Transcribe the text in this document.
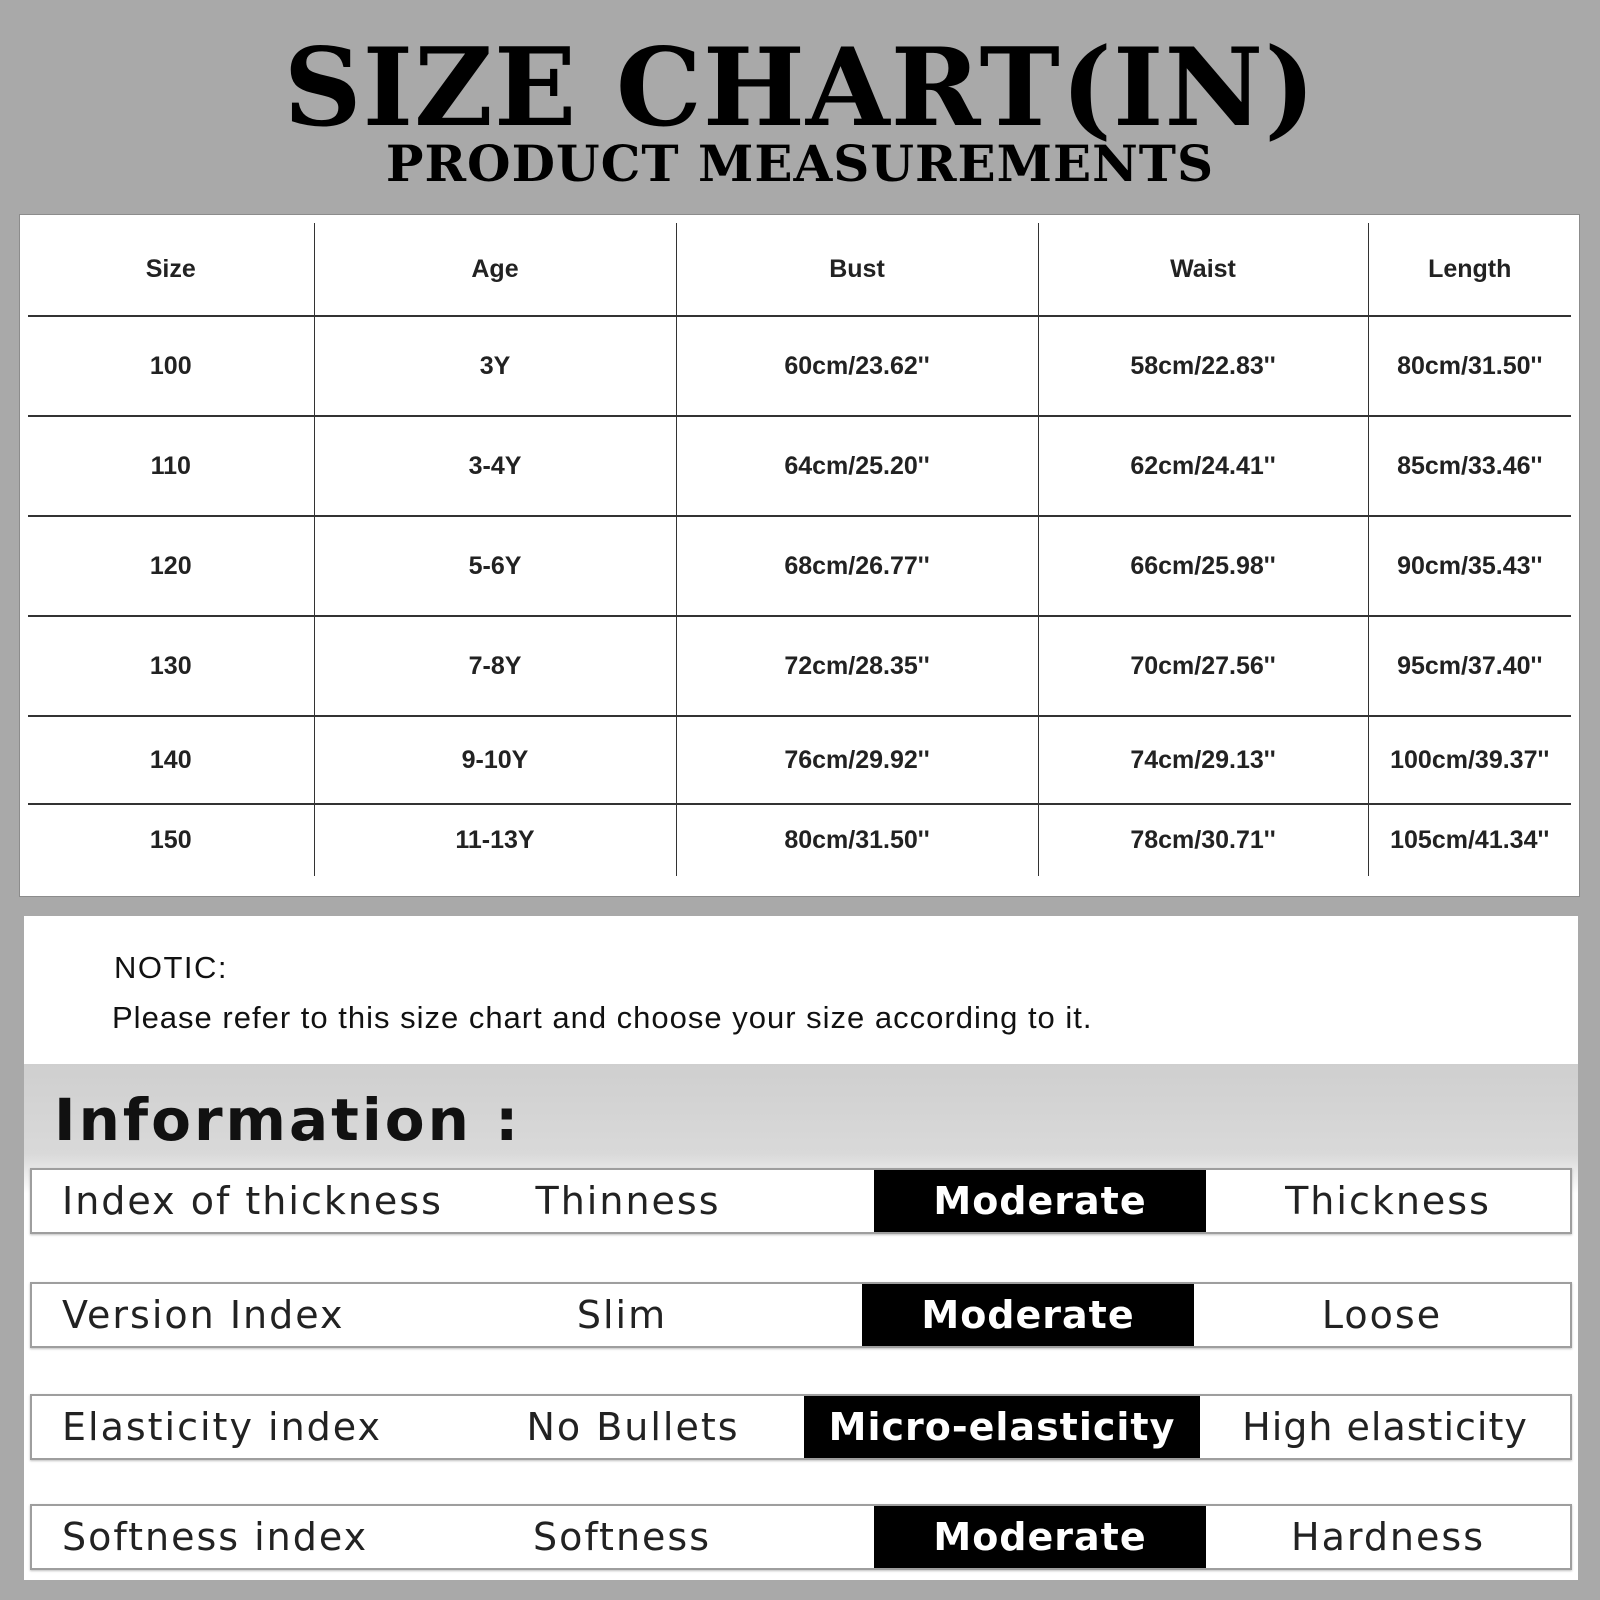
SIZE CHART(IN)
PRODUCT MEASUREMENTS
Size	Age	Bust	Waist	Length
100	3Y	60cm/23.62''	58cm/22.83''	80cm/31.50''
110	3-4Y	64cm/25.20''	62cm/24.41''	85cm/33.46''
120	5-6Y	68cm/26.77''	66cm/25.98''	90cm/35.43''
130	7-8Y	72cm/28.35''	70cm/27.56''	95cm/37.40''
140	9-10Y	76cm/29.92''	74cm/29.13''	100cm/39.37''
150	11-13Y	80cm/31.50''	78cm/30.71''	105cm/41.34''
NOTIC:
Please refer to this size chart and choose your size according to it.
Information :
Index of thickness	Thinness	Moderate	Thickness
Version Index	Slim	Moderate	Loose
Elasticity index	No Bullets	Micro-elasticity	High elasticity
Softness index	Softness	Moderate	Hardness
